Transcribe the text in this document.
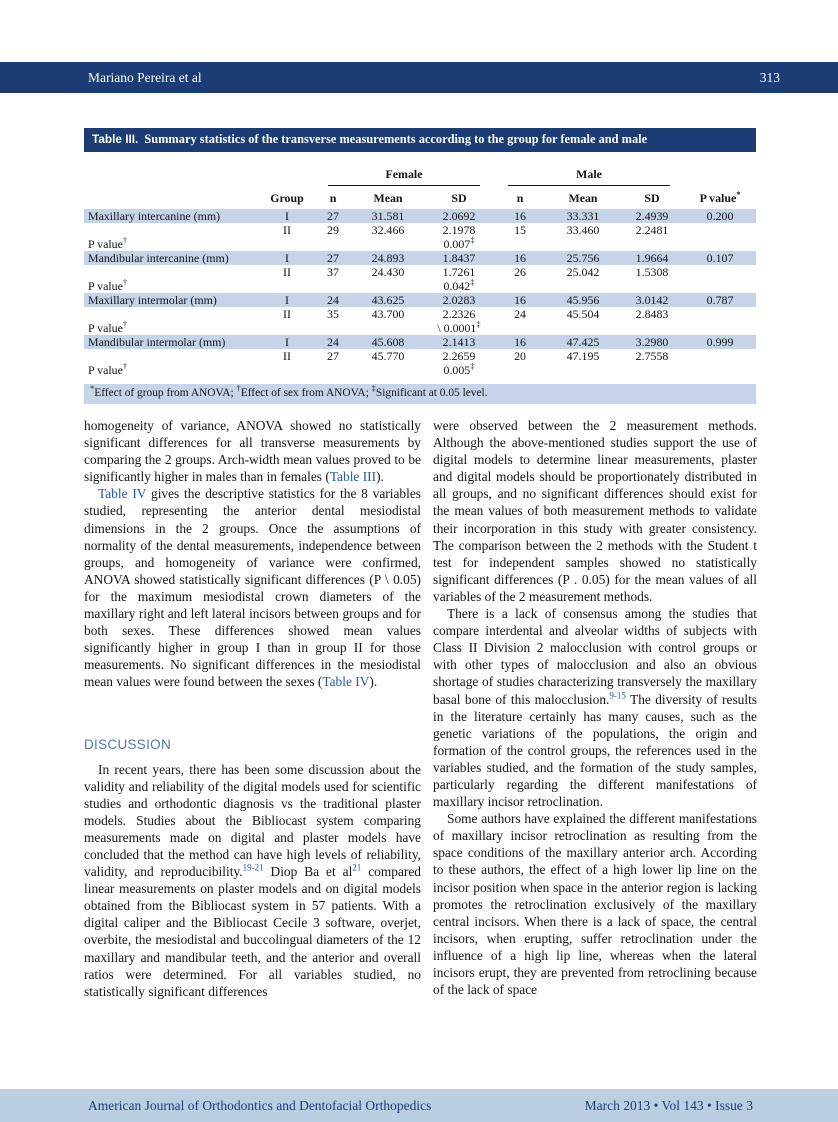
Mariano Pereira et al	313
Table III. Summary statistics of the transverse measurements according to the group for female and male

		Female			Male			

	Group	n	Mean	SD	n	Mean	SD	P value*
Maxillary intercanine (mm)	I	27	31.581	2.0692	16	33.331	2.4939	0.200
	II	29	32.466	2.1978	15	33.460	2.2481	
P value†				0.007‡				
Mandibular intercanine (mm)	I	27	24.893	1.8437	16	25.756	1.9664	0.107
	II	37	24.430	1.7261	26	25.042	1.5308	
P value†				0.042‡				
Maxillary intermolar (mm)	I	24	43.625	2.0283	16	45.956	3.0142	0.787
	II	35	43.700	2.2326	24	45.504	2.8483	
P value†				\ 0.0001‡				
Mandibular intermolar (mm)	I	24	45.608	2.1413	16	47.425	3.2980	0.999
	II	27	45.770	2.2659	20	47.195	2.7558	
P value†				0.005‡				
*Effect of group from ANOVA; †Effect of sex from ANOVA; ‡Significant at 0.05 level.

homogeneity of variance, ANOVA showed no statistically significant differences for all transverse measurements by comparing the 2 groups. Arch-width mean values proved to be significantly higher in males than in females (Table III).

Table IV gives the descriptive statistics for the 8 variables studied, representing the anterior dental mesiodistal dimensions in the 2 groups. Once the assumptions of normality of the dental measurements, independence between groups, and homogeneity of variance were confirmed, ANOVA showed statistically significant differences (P \ 0.05) for the maximum mesiodistal crown diameters of the maxillary right and left lateral incisors between groups and for both sexes. These differences showed mean values significantly higher in group I than in group II for those measurements. No significant differences in the mesiodistal mean values were found between the sexes (Table IV).

DISCUSSION

In recent years, there has been some discussion about the validity and reliability of the digital models used for scientific studies and orthodontic diagnosis vs the traditional plaster models. Studies about the Bibliocast system comparing measurements made on digital and plaster models have concluded that the method can have high levels of reliability, validity, and reproducibility.$^{19-21}$ Diop Ba et al$^{21}$ compared linear measurements on plaster models and on digital models obtained from the Bibliocast system in 57 patients. With a digital caliper and the Bibliocast Cecile 3 software, overjet, overbite, the mesiodistal and buccolingual diameters of the 12 maxillary and mandibular teeth, and the anterior and overall ratios were determined. For all variables studied, no statistically significant differences

were observed between the 2 measurement methods. Although the above-mentioned studies support the use of digital models to determine linear measurements, plaster and digital models should be proportionately distributed in all groups, and no significant differences should exist for the mean values of both measurement methods to validate their incorporation in this study with greater consistency. The comparison between the 2 methods with the Student t test for independent samples showed no statistically significant differences (P . 0.05) for the mean values of all variables of the 2 measurement methods.

There is a lack of consensus among the studies that compare interdental and alveolar widths of subjects with Class II Division 2 malocclusion with control groups or with other types of malocclusion and also an obvious shortage of studies characterizing transversely the maxillary basal bone of this malocclusion.$^{9-15}$ The diversity of results in the literature certainly has many causes, such as the genetic variations of the populations, the origin and formation of the control groups, the references used in the variables studied, and the formation of the study samples, particularly regarding the different manifestations of maxillary incisor retroclination.

Some authors have explained the different manifestations of maxillary incisor retroclination as resulting from the space conditions of the maxillary anterior arch. According to these authors, the effect of a high lower lip line on the incisor position when space in the anterior region is lacking promotes the retroclination exclusively of the maxillary central incisors. When there is a lack of space, the central incisors, when erupting, suffer retroclination under the influence of a high lip line, whereas when the lateral incisors erupt, they are prevented from retroclining because of the lack of space

American Journal of Orthodontics and Dentofacial Orthopedics	March 2013 • Vol 143 • Issue 3
